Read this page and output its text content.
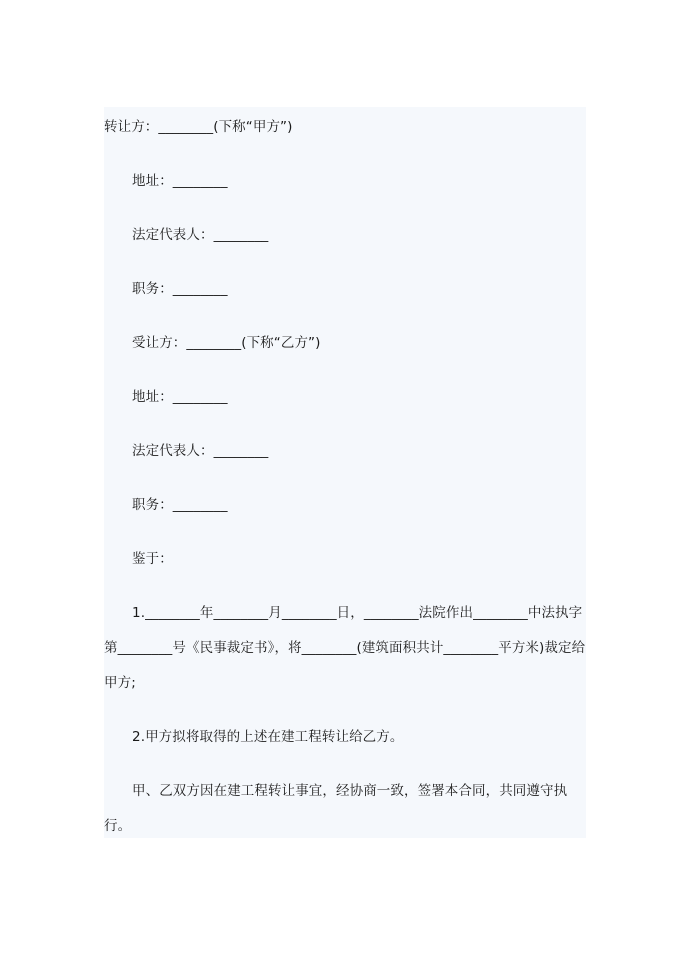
转让方：________(下称“甲方”)

地址：________

法定代表人：________

职务：________

受让方：________(下称“乙方”)

地址：________

法定代表人：________

职务：________

鉴于：

1.________年________月________日，________法院作出________中法执字第________号《民事裁定书》，将________(建筑面积共计________平方米)裁定给甲方;

2.甲方拟将取得的上述在建工程转让给乙方。

甲、乙双方因在建工程转让事宜，经协商一致，签署本合同，共同遵守执行。
